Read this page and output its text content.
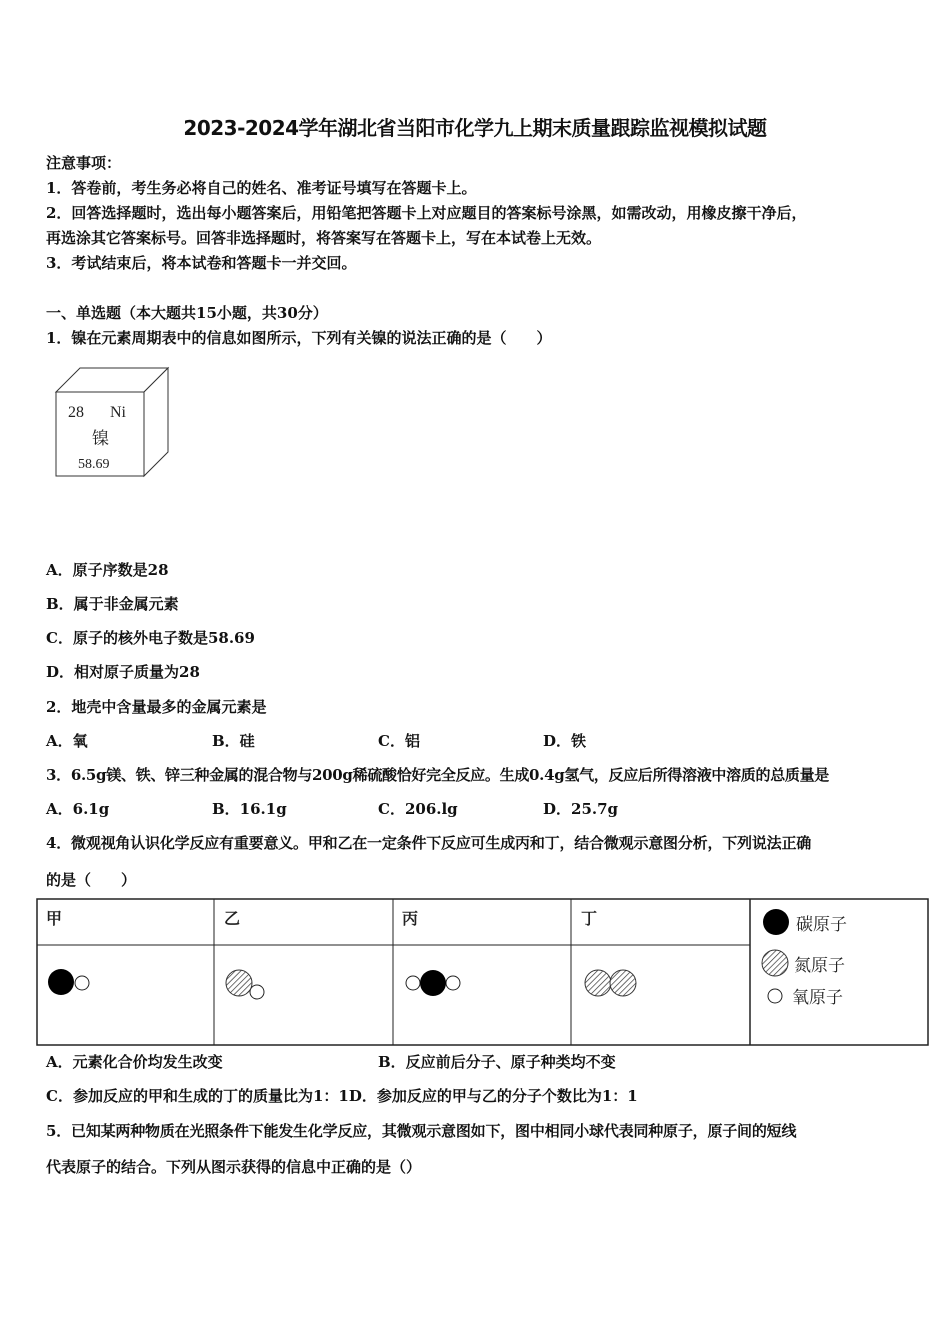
2023-2024学年湖北省当阳市化学九上期末质量跟踪监视模拟试题
注意事项：
1．答卷前，考生务必将自己的姓名、准考证号填写在答题卡上。
2．回答选择题时，选出每小题答案后，用铅笔把答题卡上对应题目的答案标号涂黑，如需改动，用橡皮擦干净后，
再选涂其它答案标号。回答非选择题时，将答案写在答题卡上，写在本试卷上无效。
3．考试结束后，将本试卷和答题卡一并交回。
一、单选题（本大题共15小题，共30分）
1．镍在元素周期表中的信息如图所示，下列有关镍的说法正确的是（　　）
28 Ni
镍
58.69
A．原子序数是28
B．属于非金属元素
C．原子的核外电子数是58.69
D．相对原子质量为28
2．地壳中含量最多的金属元素是
A．氧	B．硅	C．铝	D．铁
3．6.5g镁、铁、锌三种金属的混合物与200g稀硫酸恰好完全反应。生成0.4g氢气，反应后所得溶液中溶质的总质量是
A．6.1g	B．16.1g	C．206.lg	D．25.7g
4．微观视角认识化学反应有重要意义。甲和乙在一定条件下反应可生成丙和丁，结合微观示意图分析，下列说法正确
的是（　　）
甲	乙	丙	丁	碳原子
氮原子
氧原子
A．元素化合价均发生改变	B．反应前后分子、原子种类均不变
C．参加反应的甲和生成的丁的质量比为1：1D．参加反应的甲与乙的分子个数比为1：1
5．已知某两种物质在光照条件下能发生化学反应，其微观示意图如下，图中相同小球代表同种原子，原子间的短线
代表原子的结合。下列从图示获得的信息中正确的是（）
